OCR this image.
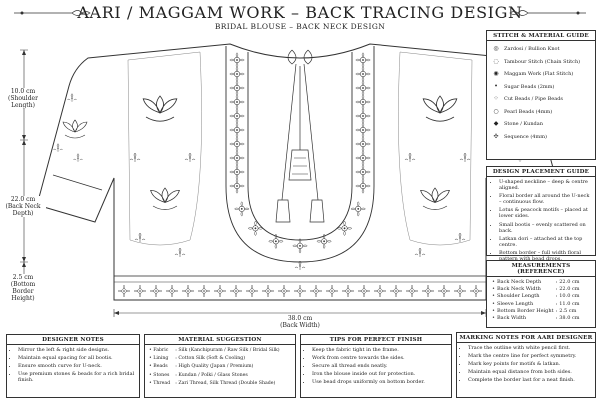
AARI / MAGGAM WORK – BACK TRACING DESIGN
BRIDAL BLOUSE – BACK NECK DESIGN
10.0 cm
(Shoulder Length)
22.0 cm
(Back Neck Depth)
2.5 cm
(Bottom Border Height)
38.0 cm
(Back Width)
STITCH & MATERIAL GUIDE
◎ Zardosi / Bullion Knot
◌ Tambour Stitch (Chain Stitch)
◉ Maggam Work (Flat Stitch)
• Sugar Beads (2mm)
⁘ Cut Beads / Pipe Beads
○ Pearl Beads (4mm)
◆ Stone / Kundan
✣ Sequence (4mm)
DESIGN PLACEMENT GUIDE
• U-shaped neckline – deep & centre aligned.
• Floral border all around the U-neck – continuous flow.
• Lotus & peacock motifs – placed at lower sides.
• Small bootis – evenly scattered on back.
• Latkan dori – attached at the top centre.
• Bottom border – full width floral
MEASUREMENTS (REFERENCE)
•	Back Neck Depth	:	22.0 cm
•	Back Neck Width	:	22.0 cm
•	Shoulder Length	:	10.0 cm
•	Sleeve Length	:	11.0 cm
•	Bottom Border Height	:	2.5 cm
•	Back Width	:	38.0 cm
DESIGNER NOTES
• Mirror the left & right side designs.
• Maintain equal spacing for all bootis.
• Ensure smooth curve for U-neck.
• Use premium stones & beads for a rich bridal finish.
MATERIAL SUGGESTION
• Fabric : Silk (Kanchipuram / Raw Silk / Bridal Silk)
• Lining : Cotton Silk (Soft & Cooling)
• Beads : High Quality (Japan / Premium)
• Stones : Kundan / Polki / Glass Stones
• Thread : Zari Thread, Silk Thread (Double Shade)
TIPS FOR PERFECT FINISH
• Keep the fabric tight in the frame.
• Work from centre towards the sides.
• Secure all thread ends neatly.
• Iron the blouse inside out for protection.
• Use bead drops uniformly on bottom border.
MARKING NOTES FOR AARI DESIGNER
• Trace the outline with white pencil first.
• Mark the centre line for perfect symmetry.
• Mark key points for motifs & latkan.
• Maintain equal distance from both sides.
• Complete the border last for a neat finish.
